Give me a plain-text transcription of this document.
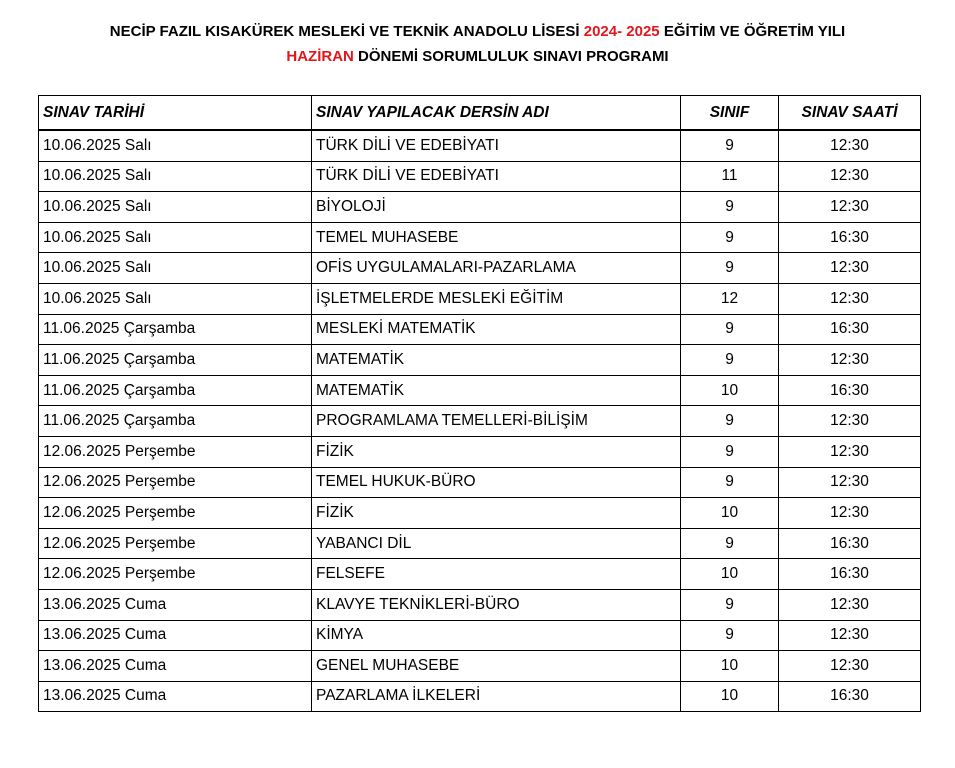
NECİP FAZIL KISAKÜREK MESLEKİ VE TEKNİK ANADOLU LİSESİ 2024- 2025 EĞİTİM VE ÖĞRETİM YILI
HAZİRAN DÖNEMİ SORUMLULUK SINAVI PROGRAMI
SINAV TARİHİ	SINAV YAPILACAK DERSİN ADI	SINIF	SINAV SAATİ
10.06.2025 Salı	TÜRK DİLİ VE EDEBİYATI	9	12:30
10.06.2025 Salı	TÜRK DİLİ VE EDEBİYATI	11	12:30
10.06.2025 Salı	BİYOLOJİ	9	12:30
10.06.2025 Salı	TEMEL MUHASEBE	9	16:30
10.06.2025 Salı	OFİS UYGULAMALARI-PAZARLAMA	9	12:30
10.06.2025 Salı	İŞLETMELERDE MESLEKİ EĞİTİM	12	12:30
11.06.2025 Çarşamba	MESLEKİ MATEMATİK	9	16:30
11.06.2025 Çarşamba	MATEMATİK	9	12:30
11.06.2025 Çarşamba	MATEMATİK	10	16:30
11.06.2025 Çarşamba	PROGRAMLAMA TEMELLERİ-BİLİŞİM	9	12:30
12.06.2025 Perşembe	FİZİK	9	12:30
12.06.2025 Perşembe	TEMEL HUKUK-BÜRO	9	12:30
12.06.2025 Perşembe	FİZİK	10	12:30
12.06.2025 Perşembe	YABANCI DİL	9	16:30
12.06.2025 Perşembe	FELSEFE	10	16:30
13.06.2025 Cuma	KLAVYE TEKNİKLERİ-BÜRO	9	12:30
13.06.2025 Cuma	KİMYA	9	12:30
13.06.2025 Cuma	GENEL MUHASEBE	10	12:30
13.06.2025 Cuma	PAZARLAMA İLKELERİ	10	16:30
